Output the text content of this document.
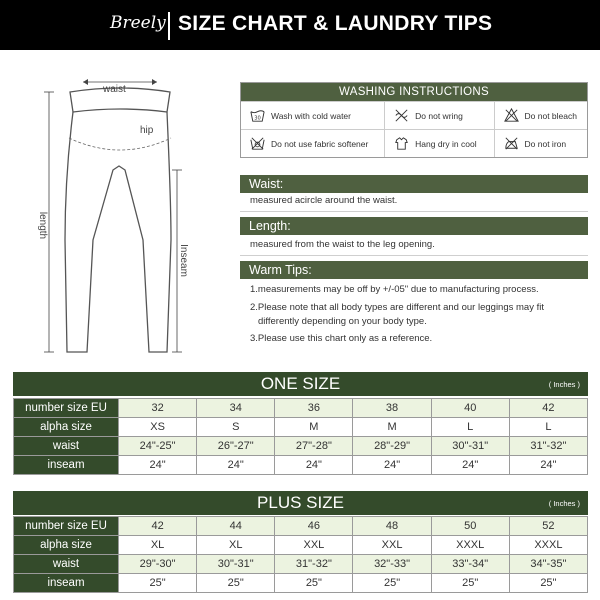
Breely SIZE CHART & LAUNDRY TIPS
waist
hip
length
Inseam
WASHING INSTRUCTIONS
30 Wash with cold water	Do not wring	Do not bleach
Do not use fabric softener	Hang dry in cool	Do not iron
Waist:
measured acircle around the waist.
Length:
measured from the waist to the leg opening.
Warm Tips:
1.measurements may be off by +/-05" due to manufacturing process.
2.Please note that all body types are different and our leggings may fit
differently depending on your body type.
3.Please use this chart only as a reference.
ONE SIZE	( Inches )
number size EU	32	34	36	38	40	42
alpha size	XS	S	M	M	L	L
waist	24"-25"	26"-27"	27"-28"	28"-29"	30"-31"	31"-32"
inseam	24"	24"	24"	24"	24"	24"
PLUS SIZE	( Inches )
number size EU	42	44	46	48	50	52
alpha size	XL	XL	XXL	XXL	XXXL	XXXL
waist	29"-30"	30"-31"	31"-32"	32"-33"	33"-34"	34"-35"
inseam	25"	25"	25"	25"	25"	25"
